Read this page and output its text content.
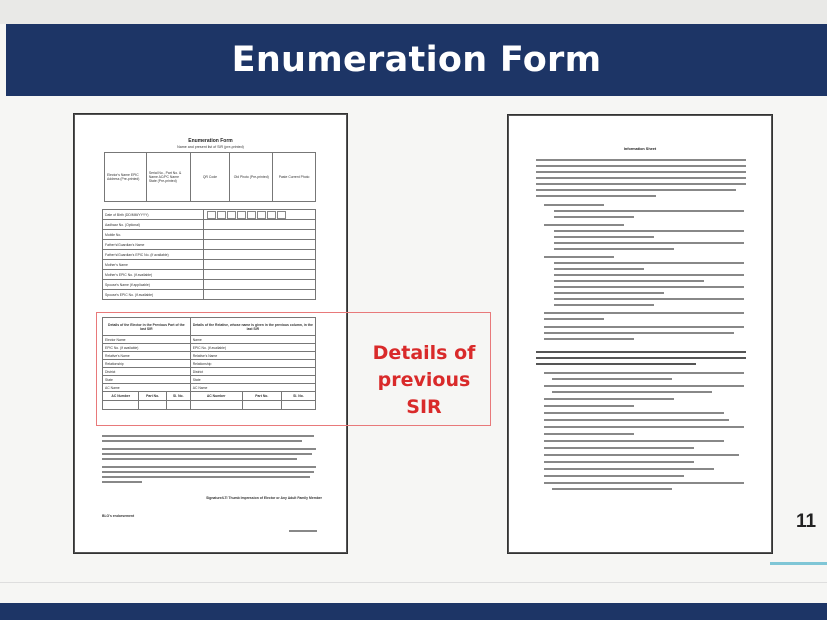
Enumeration Form
Enumeration Form
Name and present list of SIR (pre-printed)
Elector's Name EPIC Address (Pre-printed)	Serial No., Part No. & Name AC/PC Name State (Pre-printed)	QR Code	Old Photo (Pre-printed)	Paste Current Photo
Date of Birth (DD/MM/YYYY)	

Aadhaar No. (Optional)	
Mobile No.	
Father's/Guardian's Name	
Father's/Guardian's EPIC No. (if available)	
Mother's Name	
Mother's EPIC No. (if available)	
Spouse's Name (if applicable)	
Spouse's EPIC No. (if available)	
Details of the Elector in the Previous Part of the last SIR			Details of the Relative, whose name is given in the previous column, in the last SIR		
Elector Name			Name		
EPIC No. (if available)			EPIC No. (if available)		
Relative's Name			Relative's Name		
Relationship			Relationship		
District			District		
State			State		
AC Name			AC Name		
AC Number	Part No.	Sl. No.	AC Number	Part No.	Sl. No.

Signature/LTI Thumb Impression of Elector or Any Adult Family Member
BLO's endorsement
Information Sheet
Details of previous SIR
11
